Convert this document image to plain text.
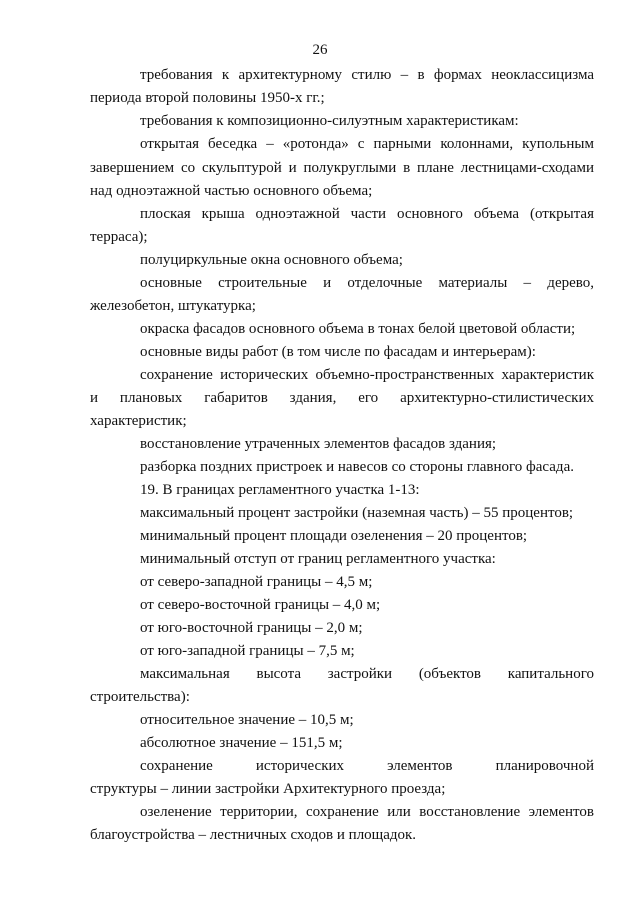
26
требования к архитектурному стилю – в формах неоклассицизма
периода второй половины 1950-х гг.;
требования к композиционно-силуэтным характеристикам:
открытая беседка – «ротонда» с парными колоннами, купольным
завершением со скульптурой и полукруглыми в плане лестницами-сходами
над одноэтажной частью основного объема;
плоская крыша одноэтажной части основного объема (открытая
терраса);
полуциркульные окна основного объема;
основные строительные и отделочные материалы – дерево,
железобетон, штукатурка;
окраска фасадов основного объема в тонах белой цветовой области;
основные виды работ (в том числе по фасадам и интерьерам):
сохранение исторических объемно-пространственных характеристик
и плановых габаритов здания, его архитектурно-стилистических
характеристик;
восстановление утраченных элементов фасадов здания;
разборка поздних пристроек и навесов со стороны главного фасада.
19. В границах регламентного участка 1-13:
максимальный процент застройки (наземная часть) – 55 процентов;
минимальный процент площади озеленения – 20 процентов;
минимальный отступ от границ регламентного участка:
от северо-западной границы – 4,5 м;
от северо-восточной границы – 4,0 м;
от юго-восточной границы – 2,0 м;
от юго-западной границы – 7,5 м;
максимальная высота застройки (объектов капитального
строительства):
относительное значение – 10,5 м;
абсолютное значение – 151,5 м;
сохранение исторических элементов планировочной
структуры – линии застройки Архитектурного проезда;
озеленение территории, сохранение или восстановление элементов
благоустройства – лестничных сходов и площадок.
